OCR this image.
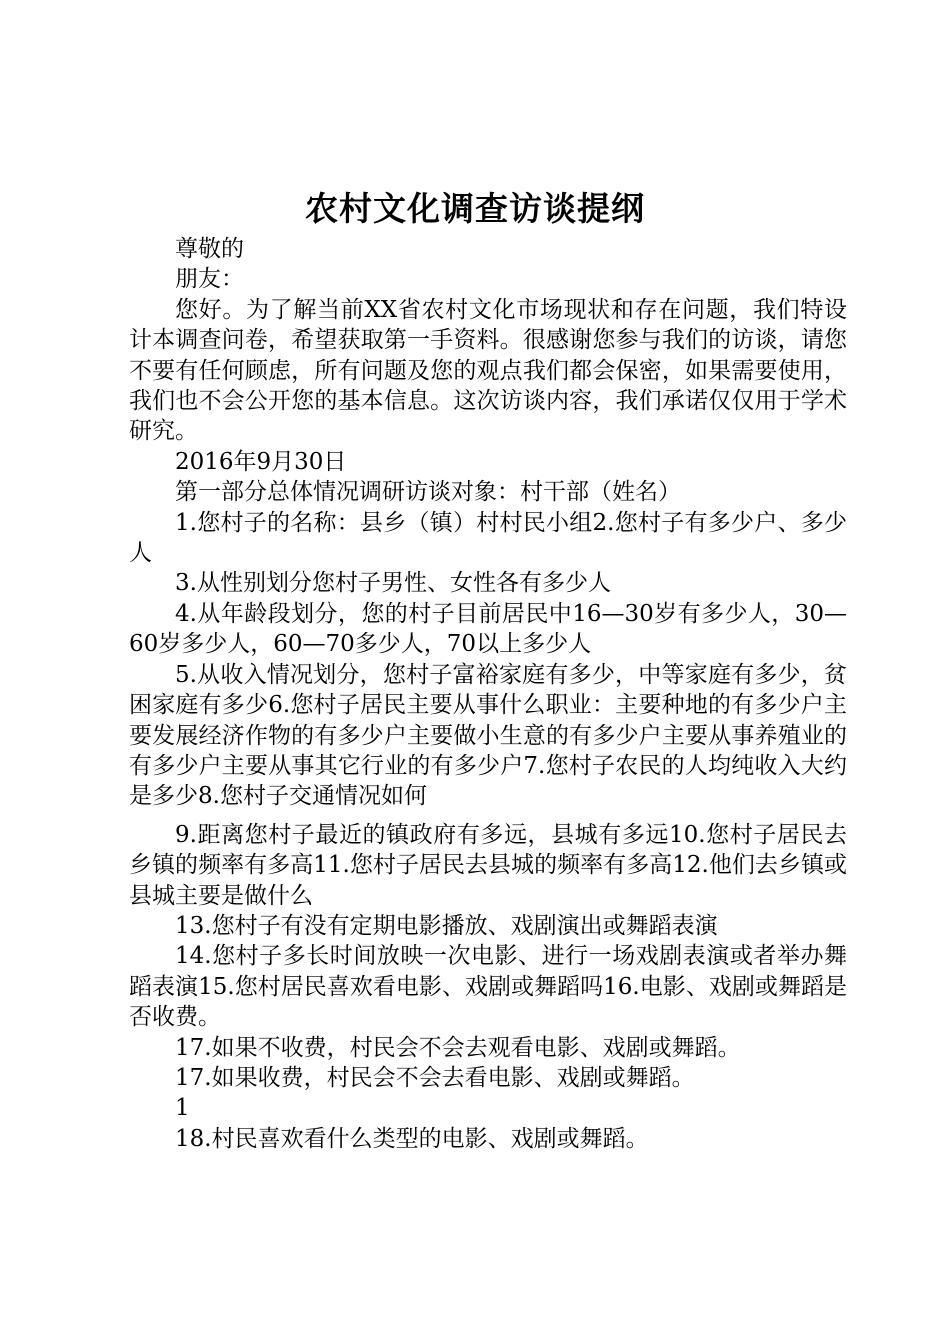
农村文化调查访谈提纲

尊敬的

朋友：

您好。为了解当前XX省农村文化市场现状和存在问题，我们特设计本调查问卷，希望获取第一手资料。很感谢您参与我们的访谈，请您不要有任何顾虑，所有问题及您的观点我们都会保密，如果需要使用，我们也不会公开您的基本信息。这次访谈内容，我们承诺仅仅用于学术研究。

2016年9月30日

第一部分总体情况调研访谈对象：村干部（姓名）

1.您村子的名称：县乡（镇）村村民小组2.您村子有多少户、多少人

3.从性别划分您村子男性、女性各有多少人

4.从年龄段划分，您的村子目前居民中16—30岁有多少人，30—60岁多少人，60—70多少人，70以上多少人

5.从收入情况划分，您村子富裕家庭有多少，中等家庭有多少，贫困家庭有多少6.您村子居民主要从事什么职业：主要种地的有多少户主要发展经济作物的有多少户主要做小生意的有多少户主要从事养殖业的有多少户主要从事其它行业的有多少户7.您村子农民的人均纯收入大约是多少8.您村子交通情况如何

9.距离您村子最近的镇政府有多远，县城有多远10.您村子居民去乡镇的频率有多高11.您村子居民去县城的频率有多高12.他们去乡镇或县城主要是做什么

13.您村子有没有定期电影播放、戏剧演出或舞蹈表演

14.您村子多长时间放映一次电影、进行一场戏剧表演或者举办舞蹈表演15.您村居民喜欢看电影、戏剧或舞蹈吗16.电影、戏剧或舞蹈是否收费。

17.如果不收费，村民会不会去观看电影、戏剧或舞蹈。

17.如果收费，村民会不会去看电影、戏剧或舞蹈。

1

18.村民喜欢看什么类型的电影、戏剧或舞蹈。
